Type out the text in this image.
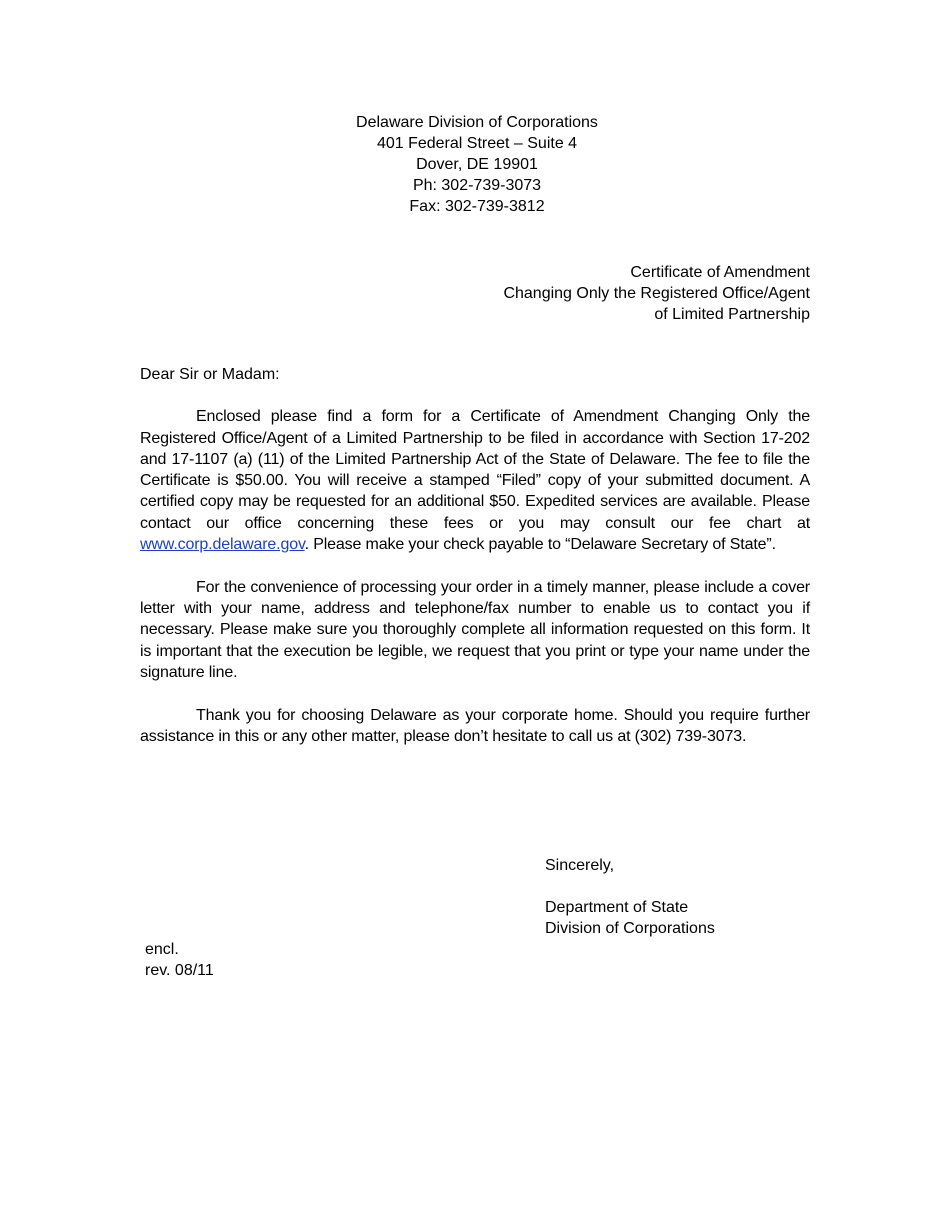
Delaware Division of Corporations
401 Federal Street – Suite 4
Dover, DE 19901
Ph: 302-739-3073
Fax: 302-739-3812
Certificate of Amendment
Changing Only the Registered Office/Agent
of Limited Partnership

Dear Sir or Madam:

Enclosed please find a form for a Certificate of Amendment Changing Only the Registered Office/Agent of a Limited Partnership to be filed in accordance with Section 17-202 and 17-1107 (a) (11) of the Limited Partnership Act of the State of Delaware. The fee to file the Certificate is $50.00. You will receive a stamped “Filed” copy of your submitted document. A certified copy may be requested for an additional $50. Expedited services are available. Please contact our office concerning these fees or you may consult our fee chart at www.corp.delaware.gov. Please make your check payable to “Delaware Secretary of State”.

For the convenience of processing your order in a timely manner, please include a cover letter with your name, address and telephone/fax number to enable us to contact you if necessary. Please make sure you thoroughly complete all information requested on this form. It is important that the execution be legible, we request that you print or type your name under the signature line.

Thank you for choosing Delaware as your corporate home. Should you require further assistance in this or any other matter, please don’t hesitate to call us at (302) 739-3073.

Sincerely,
Department of State
Division of Corporations
encl.
rev. 08/11
